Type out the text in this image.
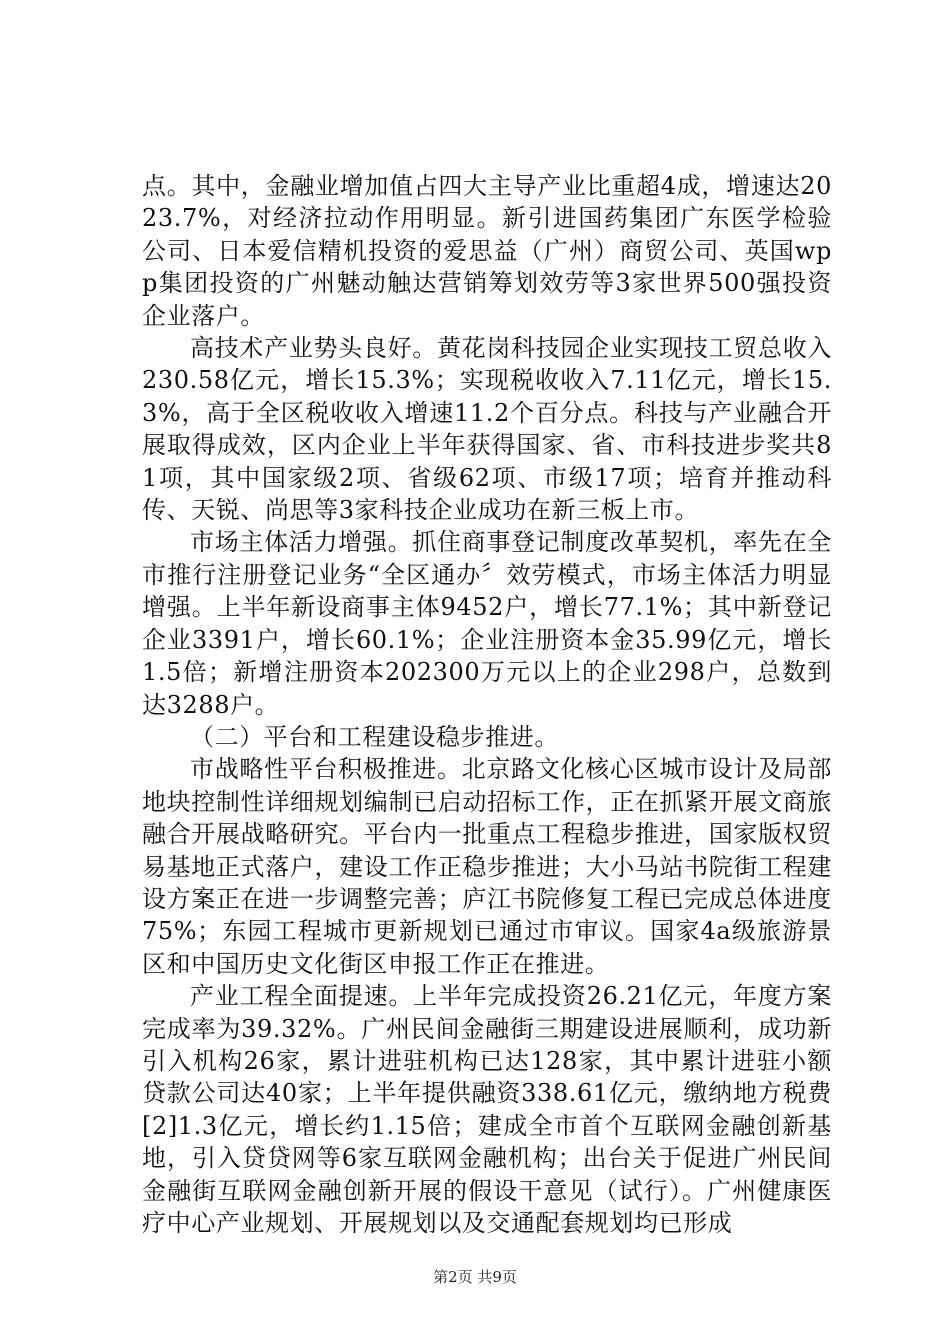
点。其中，金融业增加值占四大主导产业比重超4成，增速达2023.7%，对经济拉动作用明显。新引进国药集团广东医学检验公司、日本爱信精机投资的爱思益（广州）商贸公司、英国wpp集团投资的广州魅动触达营销筹划效劳等3家世界500强投资企业落户。

高技术产业势头良好。黄花岗科技园企业实现技工贸总收入230.58亿元，增长15.3%；实现税收收入7.11亿元，增长15.3%，高于全区税收收入增速11.2个百分点。科技与产业融合开展取得成效，区内企业上半年获得国家、省、市科技进步奖共81项，其中国家级2项、省级62项、市级17项；培育并推动科传、天锐、尚思等3家科技企业成功在新三板上市。

市场主体活力增强。抓住商事登记制度改革契机，率先在全市推行注册登记业务“全区通办〞效劳模式，市场主体活力明显增强。上半年新设商事主体9452户，增长77.1%；其中新登记企业3391户，增长60.1%；企业注册资本金35.99亿元，增长1.5倍；新增注册资本202300万元以上的企业298户，总数到达3288户。

（二）平台和工程建设稳步推进。

市战略性平台积极推进。北京路文化核心区城市设计及局部地块控制性详细规划编制已启动招标工作，正在抓紧开展文商旅融合开展战略研究。平台内一批重点工程稳步推进，国家版权贸易基地正式落户，建设工作正稳步推进；大小马站书院街工程建设方案正在进一步调整完善；庐江书院修复工程已完成总体进度75%；东园工程城市更新规划已通过市审议。国家4a级旅游景区和中国历史文化街区申报工作正在推进。

产业工程全面提速。上半年完成投资26.21亿元，年度方案完成率为39.32%。广州民间金融街三期建设进展顺利，成功新引入机构26家，累计进驻机构已达128家，其中累计进驻小额贷款公司达40家；上半年提供融资338.61亿元，缴纳地方税费[2]1.3亿元，增长约1.15倍；建成全市首个互联网金融创新基地，引入贷贷网等6家互联网金融机构；出台关于促进广州民间金融街互联网金融创新开展的假设干意见（试行）。广州健康医疗中心产业规划、开展规划以及交通配套规划均已形成

第2页 共9页
